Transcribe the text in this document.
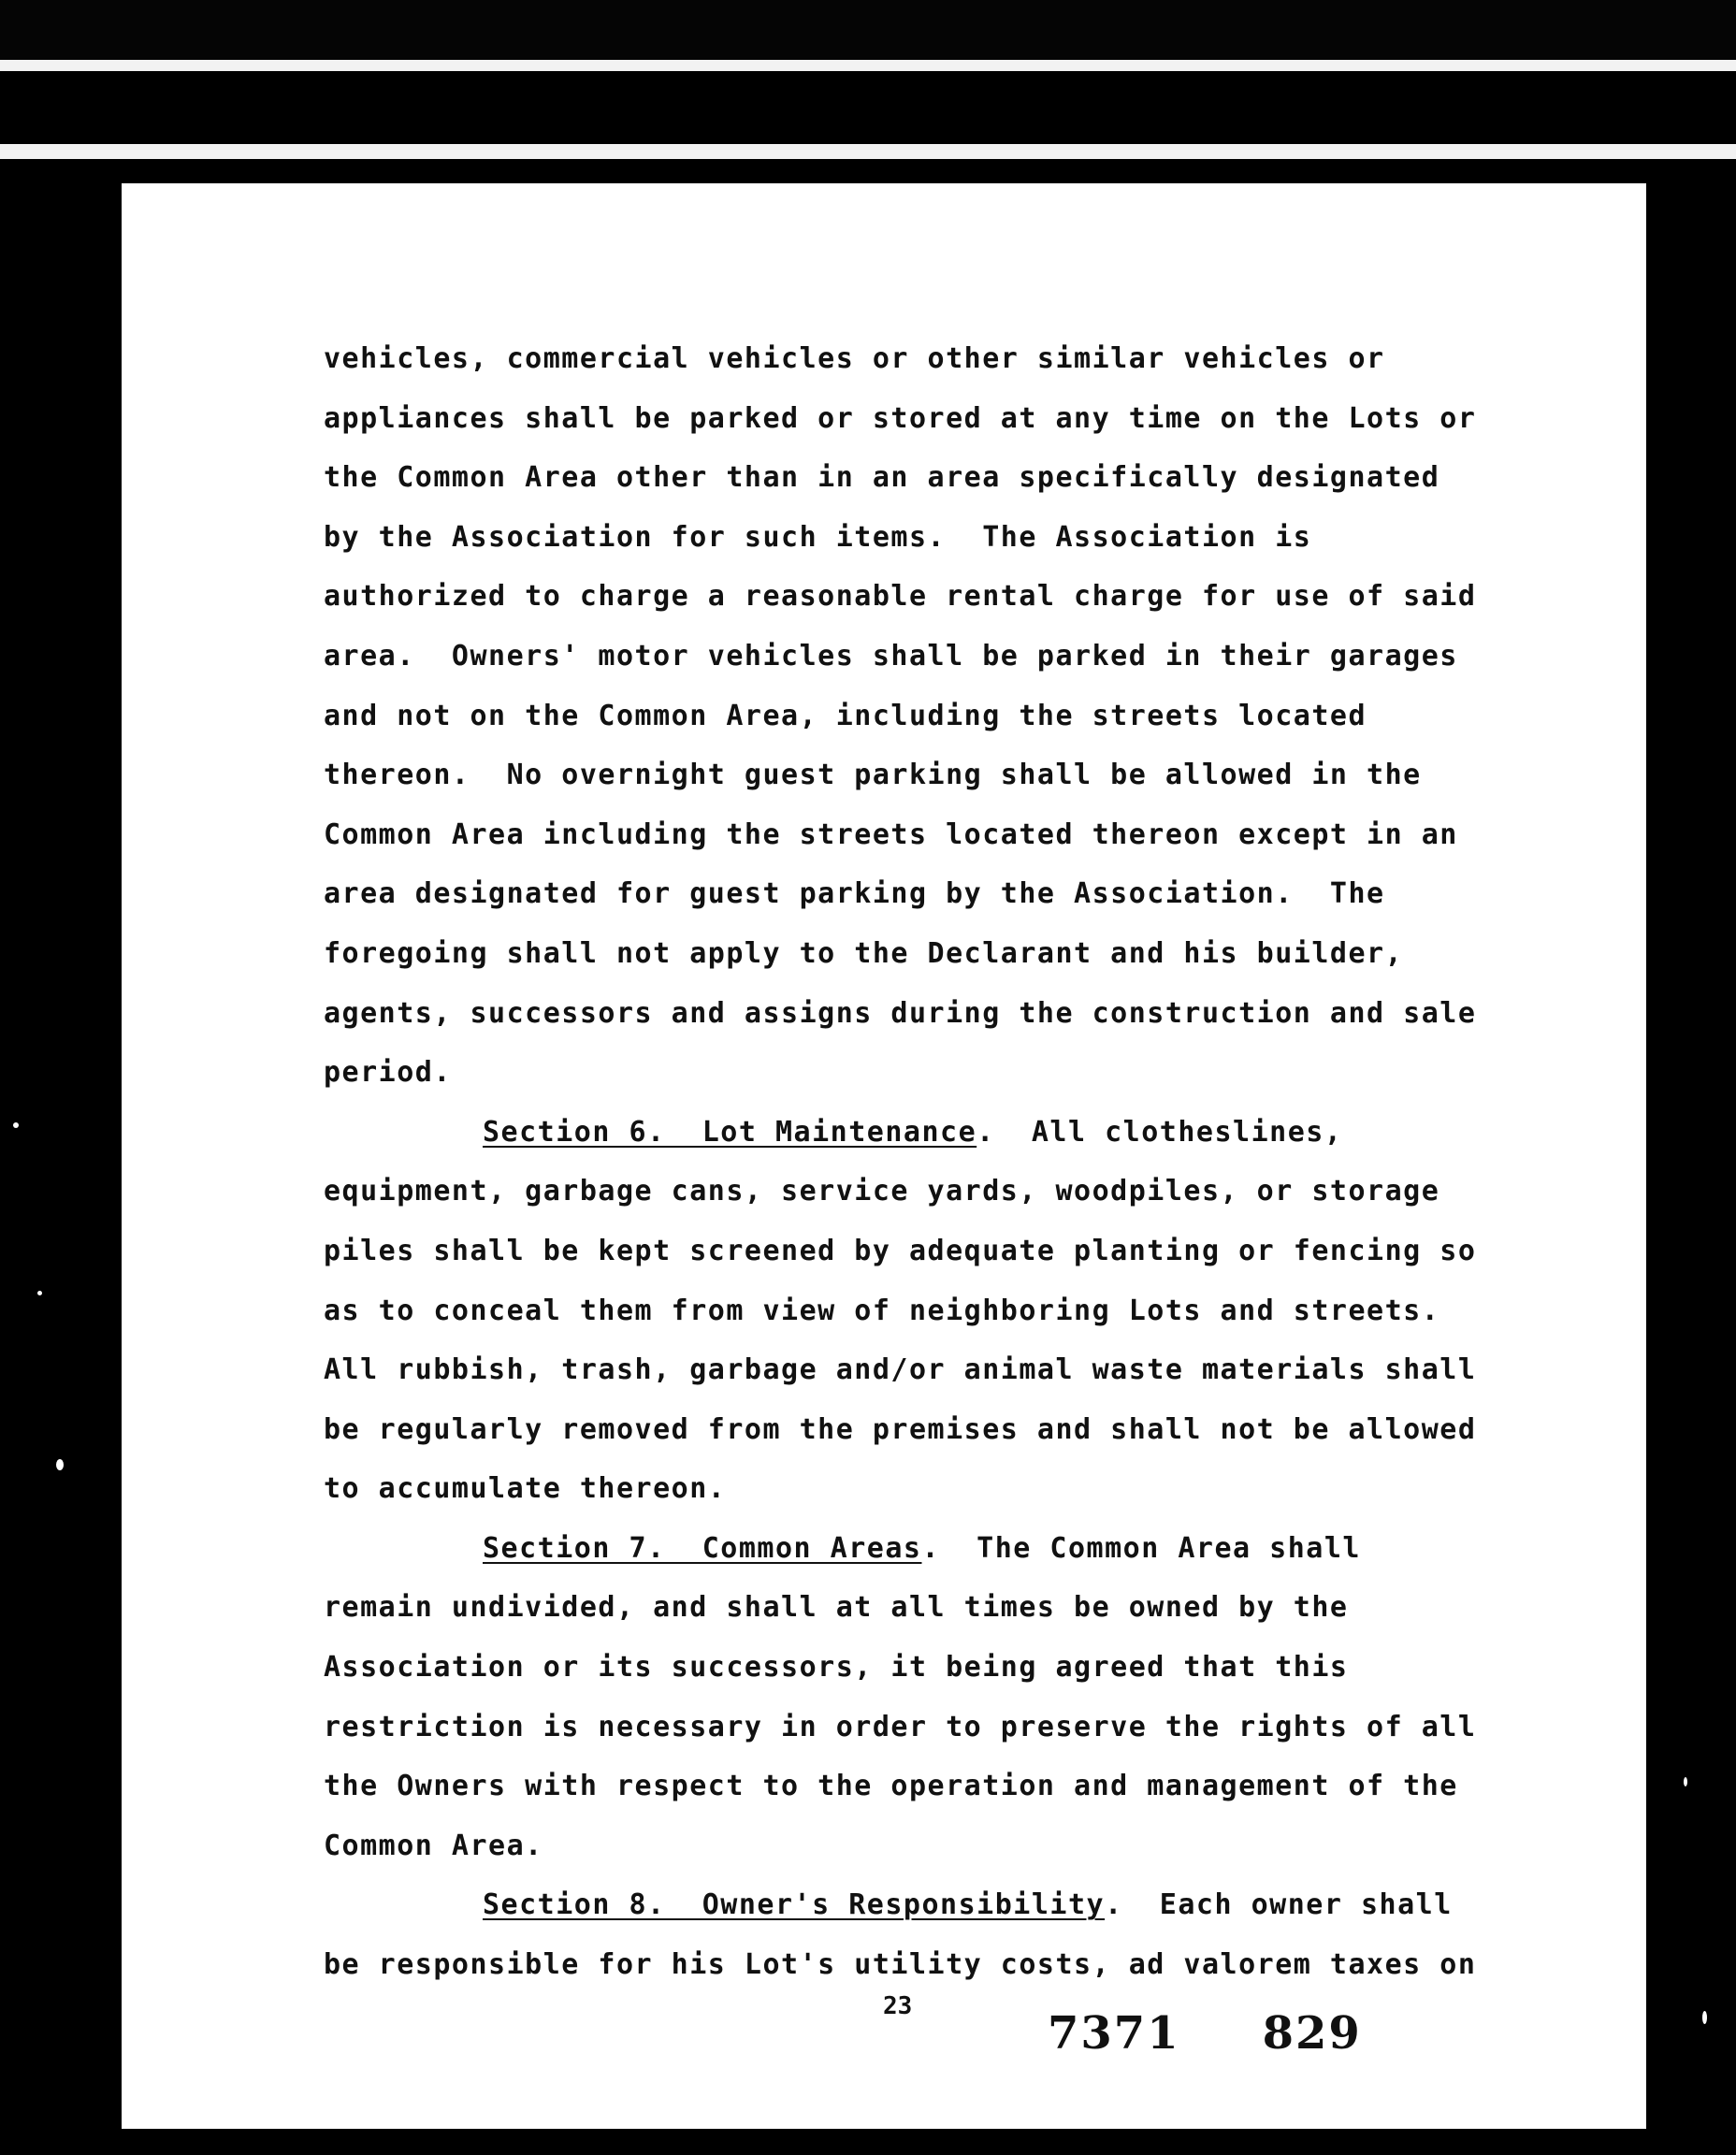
vehicles, commercial vehicles or other similar vehicles or
appliances shall be parked or stored at any time on the Lots or
the Common Area other than in an area specifically designated
by the Association for such items.  The Association is
authorized to charge a reasonable rental charge for use of said
area.  Owners' motor vehicles shall be parked in their garages
and not on the Common Area, including the streets located
thereon.  No overnight guest parking shall be allowed in the
Common Area including the streets located thereon except in an
area designated for guest parking by the Association.  The
foregoing shall not apply to the Declarant and his builder,
agents, successors and assigns during the construction and sale
period.
Section 6.  Lot Maintenance.  All clotheslines,
equipment, garbage cans, service yards, woodpiles, or storage
piles shall be kept screened by adequate planting or fencing so
as to conceal them from view of neighboring Lots and streets.
All rubbish, trash, garbage and/or animal waste materials shall
be regularly removed from the premises and shall not be allowed
to accumulate thereon.
Section 7.  Common Areas.  The Common Area shall
remain undivided, and shall at all times be owned by the
Association or its successors, it being agreed that this
restriction is necessary in order to preserve the rights of all
the Owners with respect to the operation and management of the
Common Area.
Section 8.  Owner's Responsibility.  Each owner shall
be responsible for his Lot's utility costs, ad valorem taxes on
23
7371 829
